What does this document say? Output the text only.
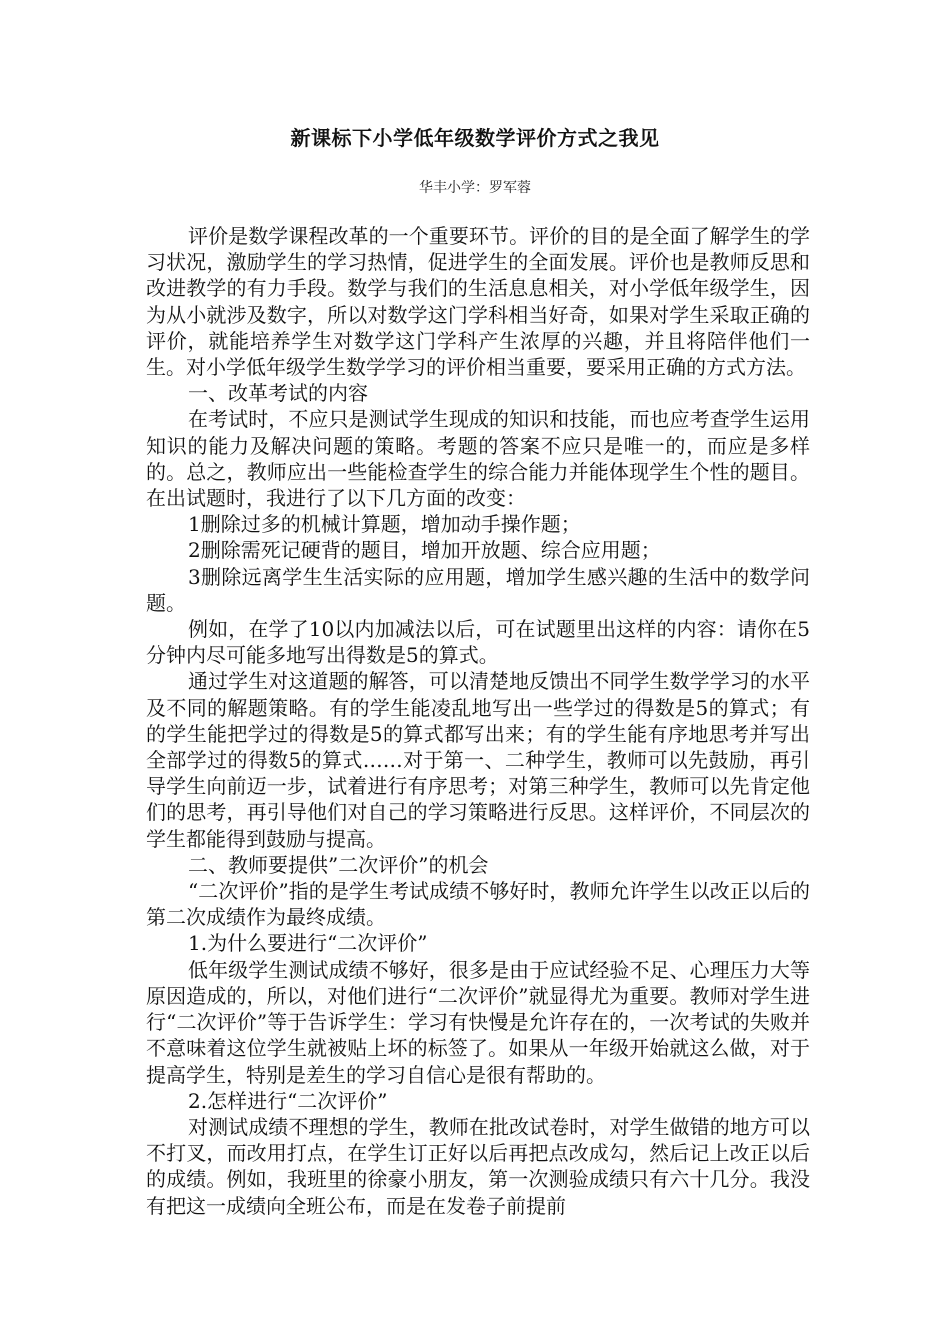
新课标下小学低年级数学评价方式之我见
华丰小学：罗军蓉

评价是数学课程改革的一个重要环节。评价的目的是全面了解学生的学习状况，激励学生的学习热情，促进学生的全面发展。评价也是教师反思和改进教学的有力手段。数学与我们的生活息息相关，对小学低年级学生，因为从小就涉及数字，所以对数学这门学科相当好奇，如果对学生采取正确的评价，就能培养学生对数学这门学科产生浓厚的兴趣，并且将陪伴他们一生。对小学低年级学生数学学习的评价相当重要，要采用正确的方式方法。

一、改革考试的内容

在考试时，不应只是测试学生现成的知识和技能，而也应考查学生运用知识的能力及解决问题的策略。考题的答案不应只是唯一的，而应是多样的。总之，教师应出一些能检查学生的综合能力并能体现学生个性的题目。在出试题时，我进行了以下几方面的改变：

1删除过多的机械计算题，增加动手操作题；

2删除需死记硬背的题目，增加开放题、综合应用题；

3删除远离学生生活实际的应用题，增加学生感兴趣的生活中的数学问题。

例如，在学了10以内加减法以后，可在试题里出这样的内容：请你在5分钟内尽可能多地写出得数是5的算式。

通过学生对这道题的解答，可以清楚地反馈出不同学生数学学习的水平及不同的解题策略。有的学生能凌乱地写出一些学过的得数是5的算式；有的学生能把学过的得数是5的算式都写出来；有的学生能有序地思考并写出全部学过的得数5的算式……对于第一、二种学生，教师可以先鼓励，再引导学生向前迈一步，试着进行有序思考；对第三种学生，教师可以先肯定他们的思考，再引导他们对自己的学习策略进行反思。这样评价，不同层次的学生都能得到鼓励与提高。

二、教师要提供”二次评价”的机会

“二次评价”指的是学生考试成绩不够好时，教师允许学生以改正以后的第二次成绩作为最终成绩。

1.为什么要进行“二次评价”

低年级学生测试成绩不够好，很多是由于应试经验不足、心理压力大等原因造成的，所以，对他们进行“二次评价”就显得尤为重要。教师对学生进行“二次评价”等于告诉学生：学习有快慢是允许存在的，一次考试的失败并不意味着这位学生就被贴上坏的标签了。如果从一年级开始就这么做，对于提高学生，特别是差生的学习自信心是很有帮助的。

2.怎样进行“二次评价”

对测试成绩不理想的学生，教师在批改试卷时，对学生做错的地方可以不打叉，而改用打点，在学生订正好以后再把点改成勾，然后记上改正以后的成绩。例如，我班里的徐豪小朋友，第一次测验成绩只有六十几分。我没有把这一成绩向全班公布，而是在发卷子前提前
